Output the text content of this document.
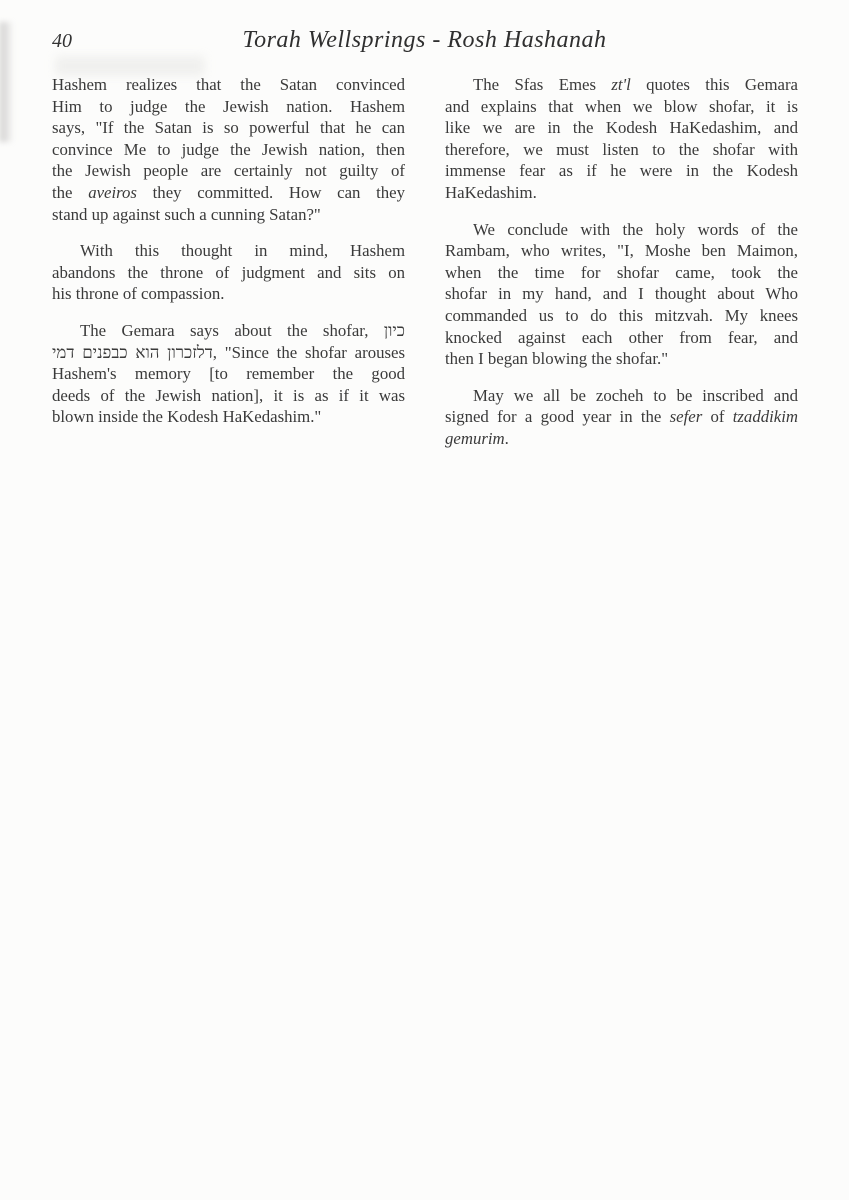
40	Torah Wellsprings - Rosh Hashanah
Hashem realizes that the Satan convinced
Him to judge the Jewish nation. Hashem
says, "If the Satan is so powerful that he can
convince Me to judge the Jewish nation, then
the Jewish people are certainly not guilty of
the aveiros they committed. How can they
stand up against such a cunning Satan?"
With this thought in mind, Hashem
abandons the throne of judgment and sits on
his throne of compassion.
The Gemara says about the shofar, כיון
דלזכרון הוא כבפנים דמי, "Since the shofar arouses
Hashem's memory [to remember the good
deeds of the Jewish nation], it is as if it was
blown inside the Kodesh HaKedashim."
The Sfas Emes zt'l quotes this Gemara
and explains that when we blow shofar, it is
like we are in the Kodesh HaKedashim, and
therefore, we must listen to the shofar with
immense fear as if he were in the Kodesh
HaKedashim.
We conclude with the holy words of the
Rambam, who writes, "I, Moshe ben Maimon,
when the time for shofar came, took the
shofar in my hand, and I thought about Who
commanded us to do this mitzvah. My knees
knocked against each other from fear, and
then I began blowing the shofar."
May we all be zocheh to be inscribed and
signed for a good year in the sefer of tzaddikim
gemurim.
